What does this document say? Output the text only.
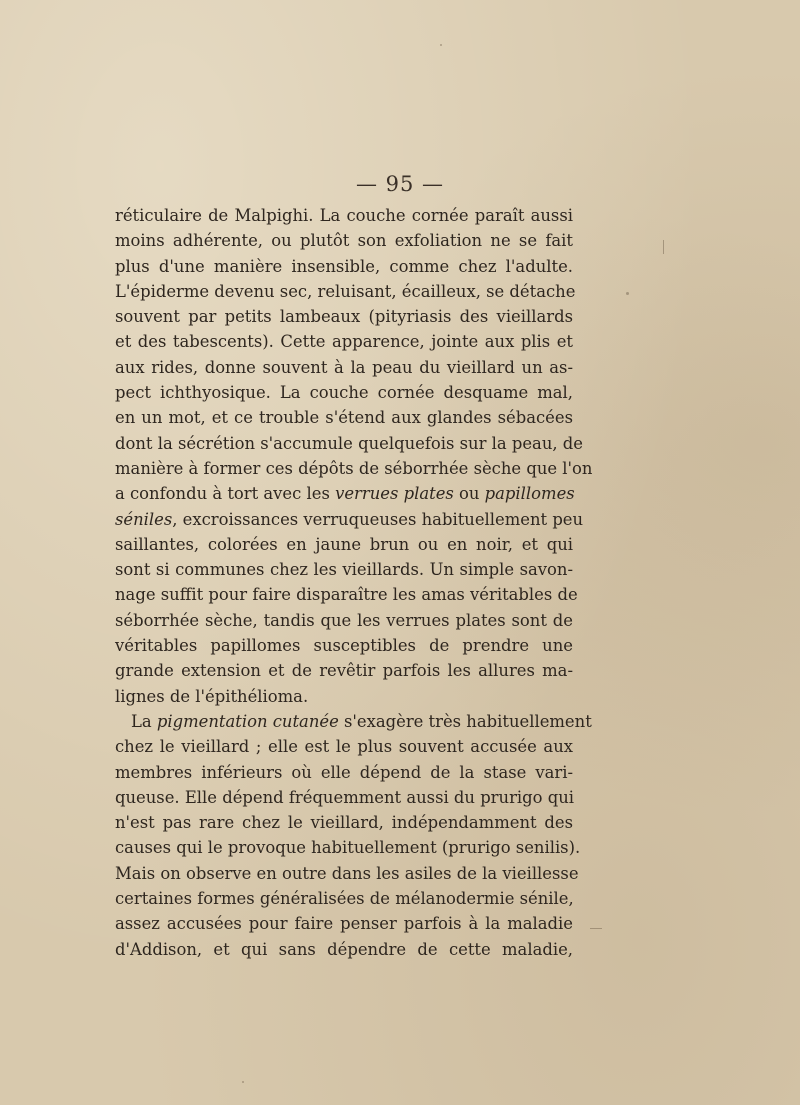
— 95 —
réticulaire de Malpighi. La couche cornée paraît aussi
moins adhérente, ou plutôt son exfoliation ne se fait
plus d'une manière insensible, comme chez l'adulte.
L'épiderme devenu sec, reluisant, écailleux, se détache
souvent par petits lambeaux (pityriasis des vieillards
et des tabescents). Cette apparence, jointe aux plis et
aux rides, donne souvent à la peau du vieillard un as-
pect ichthyosique. La couche cornée desquame mal,
en un mot, et ce trouble s'étend aux glandes sébacées
dont la sécrétion s'accumule quelquefois sur la peau, de
manière à former ces dépôts de séborrhée sèche que l'on
a confondu à tort avec les verrues plates ou papillomes
séniles, excroissances verruqueuses habituellement peu
saillantes, colorées en jaune brun ou en noir, et qui
sont si communes chez les vieillards. Un simple savon-
nage suffit pour faire disparaître les amas véritables de
séborrhée sèche, tandis que les verrues plates sont de
véritables papillomes susceptibles de prendre une
grande extension et de revêtir parfois les allures ma-
lignes de l'épithélioma.
La pigmentation cutanée s'exagère très habituellement
chez le vieillard ; elle est le plus souvent accusée aux
membres inférieurs où elle dépend de la stase vari-
queuse. Elle dépend fréquemment aussi du prurigo qui
n'est pas rare chez le vieillard, indépendamment des
causes qui le provoque habituellement (prurigo senilis).
Mais on observe en outre dans les asiles de la vieillesse
certaines formes généralisées de mélanodermie sénile,
assez accusées pour faire penser parfois à la maladie
d'Addison, et qui sans dépendre de cette maladie,
